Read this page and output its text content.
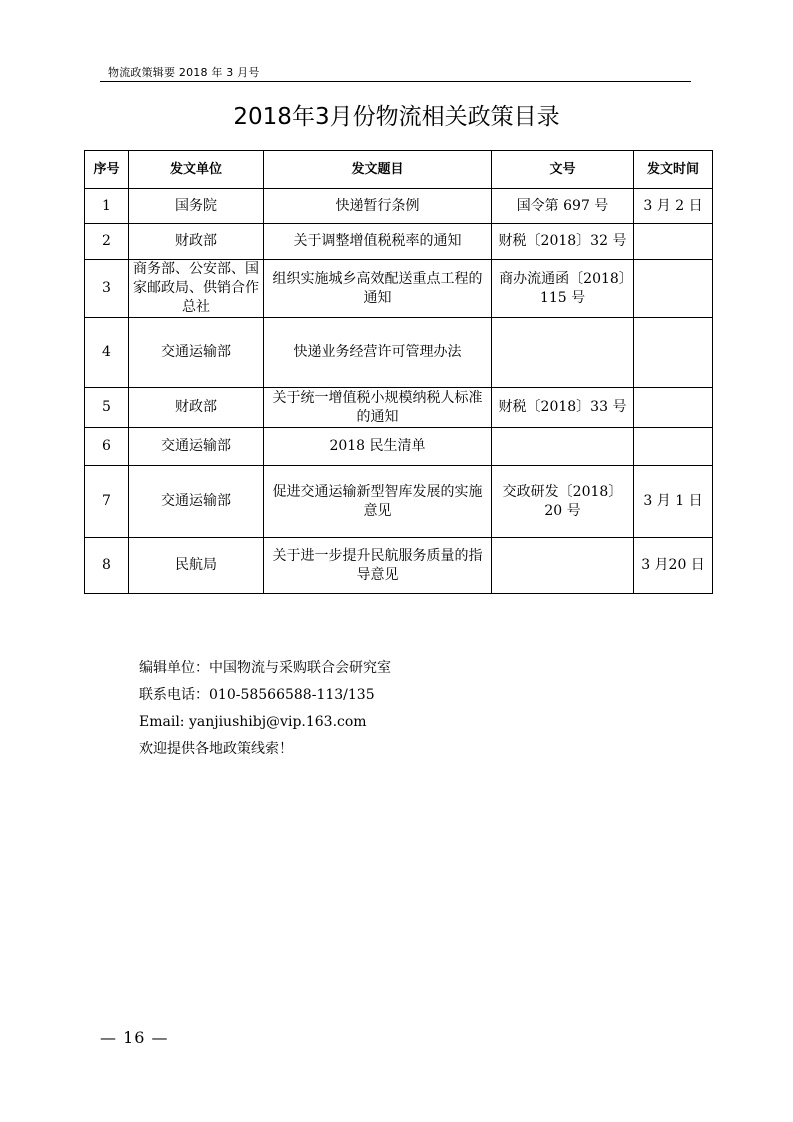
物流政策辑要 2018 年 3 月号
2018年3月份物流相关政策目录
序号	发文单位	发文题目	文号	发文时间
1	国务院	快递暂行条例	国令第 697 号	3 月 2 日
2	财政部	关于调整增值税税率的通知	财税〔2018〕32 号	
3	商务部、公安部、国家邮政局、供销合作总社	组织实施城乡高效配送重点工程的通知	商办流通函〔2018〕115 号	
4	交通运输部	快递业务经营许可管理办法		
5	财政部	关于统一增值税小规模纳税人标准的通知	财税〔2018〕33 号	
6	交通运输部	2018 民生清单		
7	交通运输部	促进交通运输新型智库发展的实施意见	交政研发〔2018〕20 号	3 月 1 日
8	民航局	关于进一步提升民航服务质量的指导意见		3 月20 日
编辑单位：中国物流与采购联合会研究室
联系电话：010-58566588-113/135
Email: yanjiushibj@vip.163.com
欢迎提供各地政策线索！
— 16 —
